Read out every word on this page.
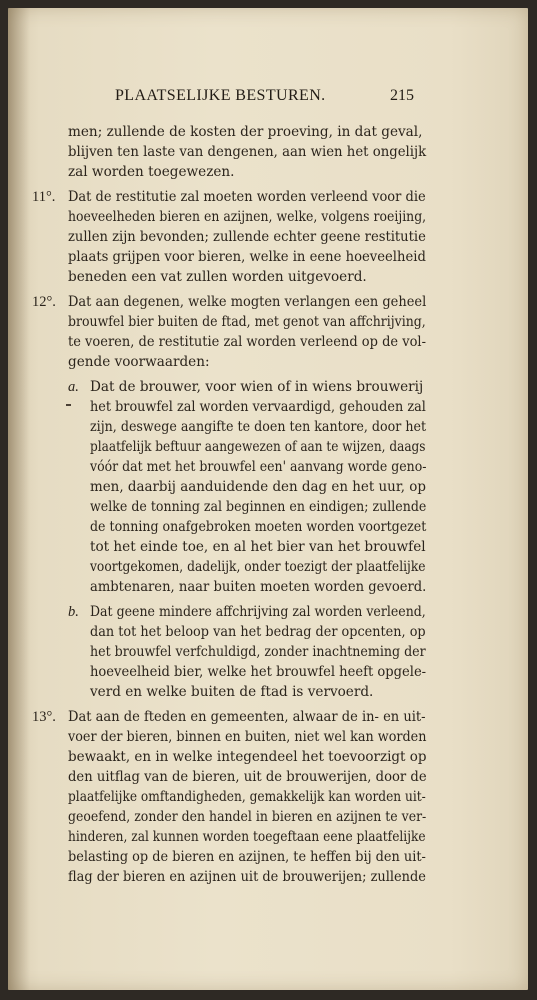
PLAATSELIJKE BESTUREN.	215
men; zullende de kosten der proeving, in dat geval,
blijven ten laste van dengenen, aan wien het ongelijk
zal worden toegewezen.
11°. Dat de restitutie zal moeten worden verleend voor die
hoeveelheden bieren en azijnen, welke, volgens roeijing,
zullen zijn bevonden; zullende echter geene restitutie
plaats grijpen voor bieren, welke in eene hoeveelheid
beneden een vat zullen worden uitgevoerd.
12°. Dat aan degenen, welke mogten verlangen een geheel
brouwfel bier buiten de ftad, met genot van affchrijving,
te voeren, de restitutie zal worden verleend op de vol-
gende voorwaarden:
a. Dat de brouwer, voor wien of in wiens brouwerij
het brouwfel zal worden vervaardigd, gehouden zal
zijn, deswege aangifte te doen ten kantore, door het
plaatfelijk beftuur aangewezen of aan te wijzen, daags
vóór dat met het brouwfel een' aanvang worde geno-
men, daarbij aanduidende den dag en het uur, op
welke de tonning zal beginnen en eindigen; zullende
de tonning onafgebroken moeten worden voortgezet
tot het einde toe, en al het bier van het brouwfel
voortgekomen, dadelijk, onder toezigt der plaatfelijke
ambtenaren, naar buiten moeten worden gevoerd.
b. Dat geene mindere affchrijving zal worden verleend,
dan tot het beloop van het bedrag der opcenten, op
het brouwfel verfchuldigd, zonder inachtneming der
hoeveelheid bier, welke het brouwfel heeft opgele-
verd en welke buiten de ftad is vervoerd.
13°. Dat aan de fteden en gemeenten, alwaar de in- en uit-
voer der bieren, binnen en buiten, niet wel kan worden
bewaakt, en in welke integendeel het toevoorzigt op
den uitflag van de bieren, uit de brouwerijen, door de
plaatfelijke omftandigheden, gemakkelijk kan worden uit-
geoefend, zonder den handel in bieren en azijnen te ver-
hinderen, zal kunnen worden toegeftaan eene plaatfelijke
belasting op de bieren en azijnen, te heffen bij den uit-
flag der bieren en azijnen uit de brouwerijen; zullende
